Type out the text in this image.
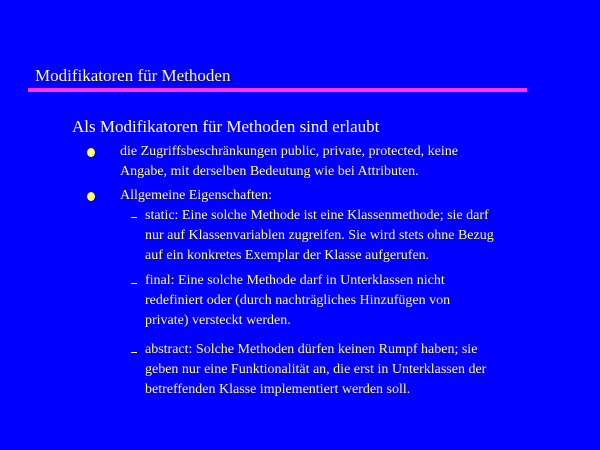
Modifikatoren für Methoden
Als Modifikatoren für Methoden sind erlaubt
die Zugriffsbeschränkungen public, private, protected, keine
Angabe, mit derselben Bedeutung wie bei Attributen.
Allgemeine Eigenschaften:
static: Eine solche Methode ist eine Klassenmethode; sie darf
nur auf Klassenvariablen zugreifen. Sie wird stets ohne Bezug
auf ein konkretes Exemplar der Klasse aufgerufen.
final: Eine solche Methode darf in Unterklassen nicht
redefiniert oder (durch nachträgliches Hinzufügen von
private) versteckt werden.
abstract: Solche Methoden dürfen keinen Rumpf haben; sie
geben nur eine Funktionalität an, die erst in Unterklassen der
betreffenden Klasse implementiert werden soll.
